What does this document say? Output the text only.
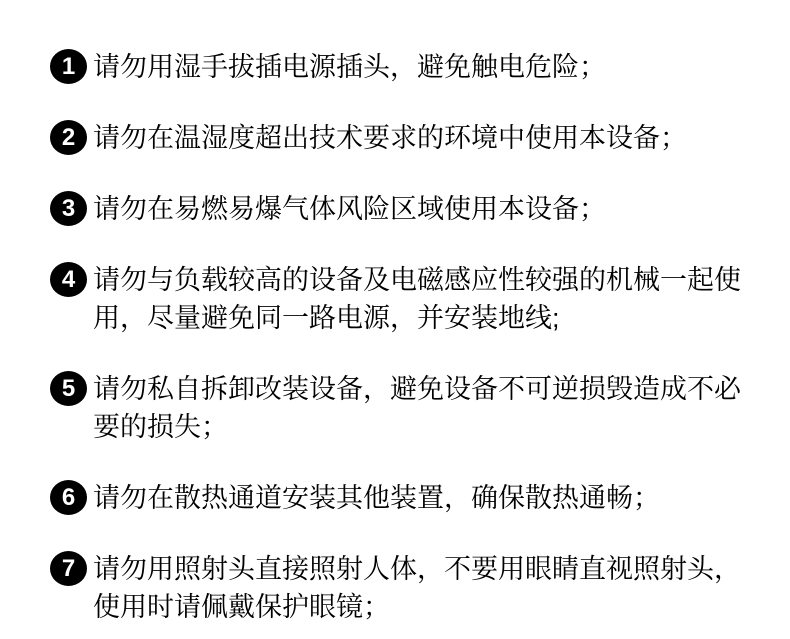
1 请勿用湿手拔插电源插头，避免触电危险；
2 请勿在温湿度超出技术要求的环境中使用本设备；
3 请勿在易燃易爆气体风险区域使用本设备；
4 请勿与负载较高的设备及电磁感应性较强的机械一起使用，尽量避免同一路电源，并安装地线;
5 请勿私自拆卸改装设备，避免设备不可逆损毁造成不必要的损失；
6 请勿在散热通道安装其他装置，确保散热通畅；
7 请勿用照射头直接照射人体，不要用眼睛直视照射头，使用时请佩戴保护眼镜；
